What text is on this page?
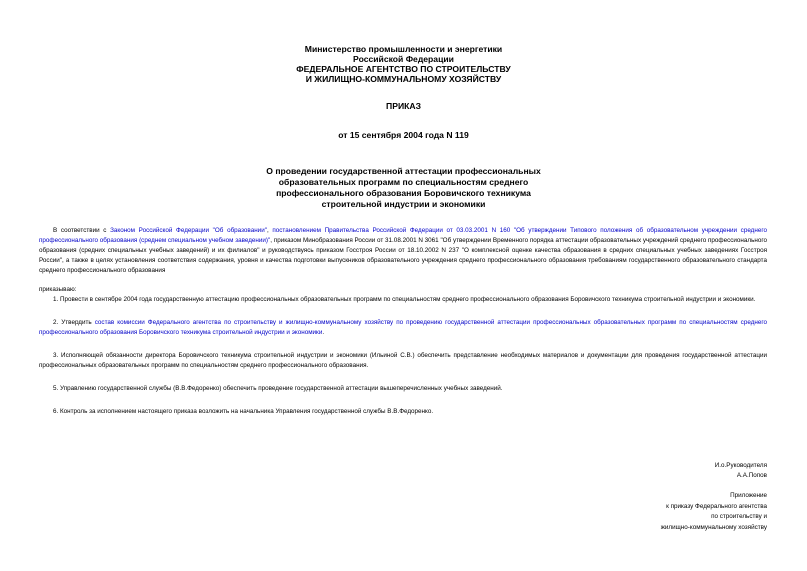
Министерство промышленности и энергетики
Российской Федерации
ФЕДЕРАЛЬНОЕ АГЕНТСТВО ПО СТРОИТЕЛЬСТВУ
И ЖИЛИЩНО-КОММУНАЛЬНОМУ ХОЗЯЙСТВУ
ПРИКАЗ
от 15 сентября 2004 года N 119
О проведении государственной аттестации профессиональных
образовательных программ по специальностям среднего
профессионального образования Боровичского техникума
строительной индустрии и экономики

В соответствии с Законом Российской Федерации "Об образовании", постановлением Правительства Российской Федерации от 03.03.2001 N 160 "Об утверждении Типового положения об образовательном учреждении среднего профессионального образования (среднем специальном учебном заведении)", приказом Минобразования России от 31.08.2001 N 3061 "Об утверждении Временного порядка аттестации образовательных учреждений среднего профессионального образования (средних специальных учебных заведений) и их филиалов" и руководствуясь приказом Госстроя России от 18.10.2002 N 237 "О комплексной оценке качества образования в средних специальных учебных заведениях Госстроя России", а также в целях установления соответствия содержания, уровня и качества подготовки выпускников образовательного учреждения среднего профессионального образования требованиям государственного образовательного стандарта среднего профессионального образования

приказываю:

1. Провести в сентябре 2004 года государственную аттестацию профессиональных образовательных программ по специальностям среднего профессионального образования Боровичского техникума строительной индустрии и экономики.

2. Утвердить состав комиссии Федерального агентства по строительству и жилищно-коммунальному хозяйству по проведению государственной аттестации профессиональных образовательных программ по специальностям среднего профессионального образования Боровичского техникума строительной индустрии и экономики.

3. Исполняющей обязанности директора Боровичского техникума строительной индустрии и экономики (Ильиной С.В.) обеспечить представление необходимых материалов и документации для проведения государственной аттестации профессиональных образовательных программ по специальностям среднего профессионального образования.

5. Управлению государственной службы (В.В.Федоренко) обеспечить проведение государственной аттестации вышеперечисленных учебных заведений.

6. Контроль за исполнением настоящего приказа возложить на начальника Управления государственной службы В.В.Федоренко.

И.о.Руководителя
А.А.Попов
Приложение
к приказу Федерального агентства
по строительству и
жилищно-коммунальному хозяйству
